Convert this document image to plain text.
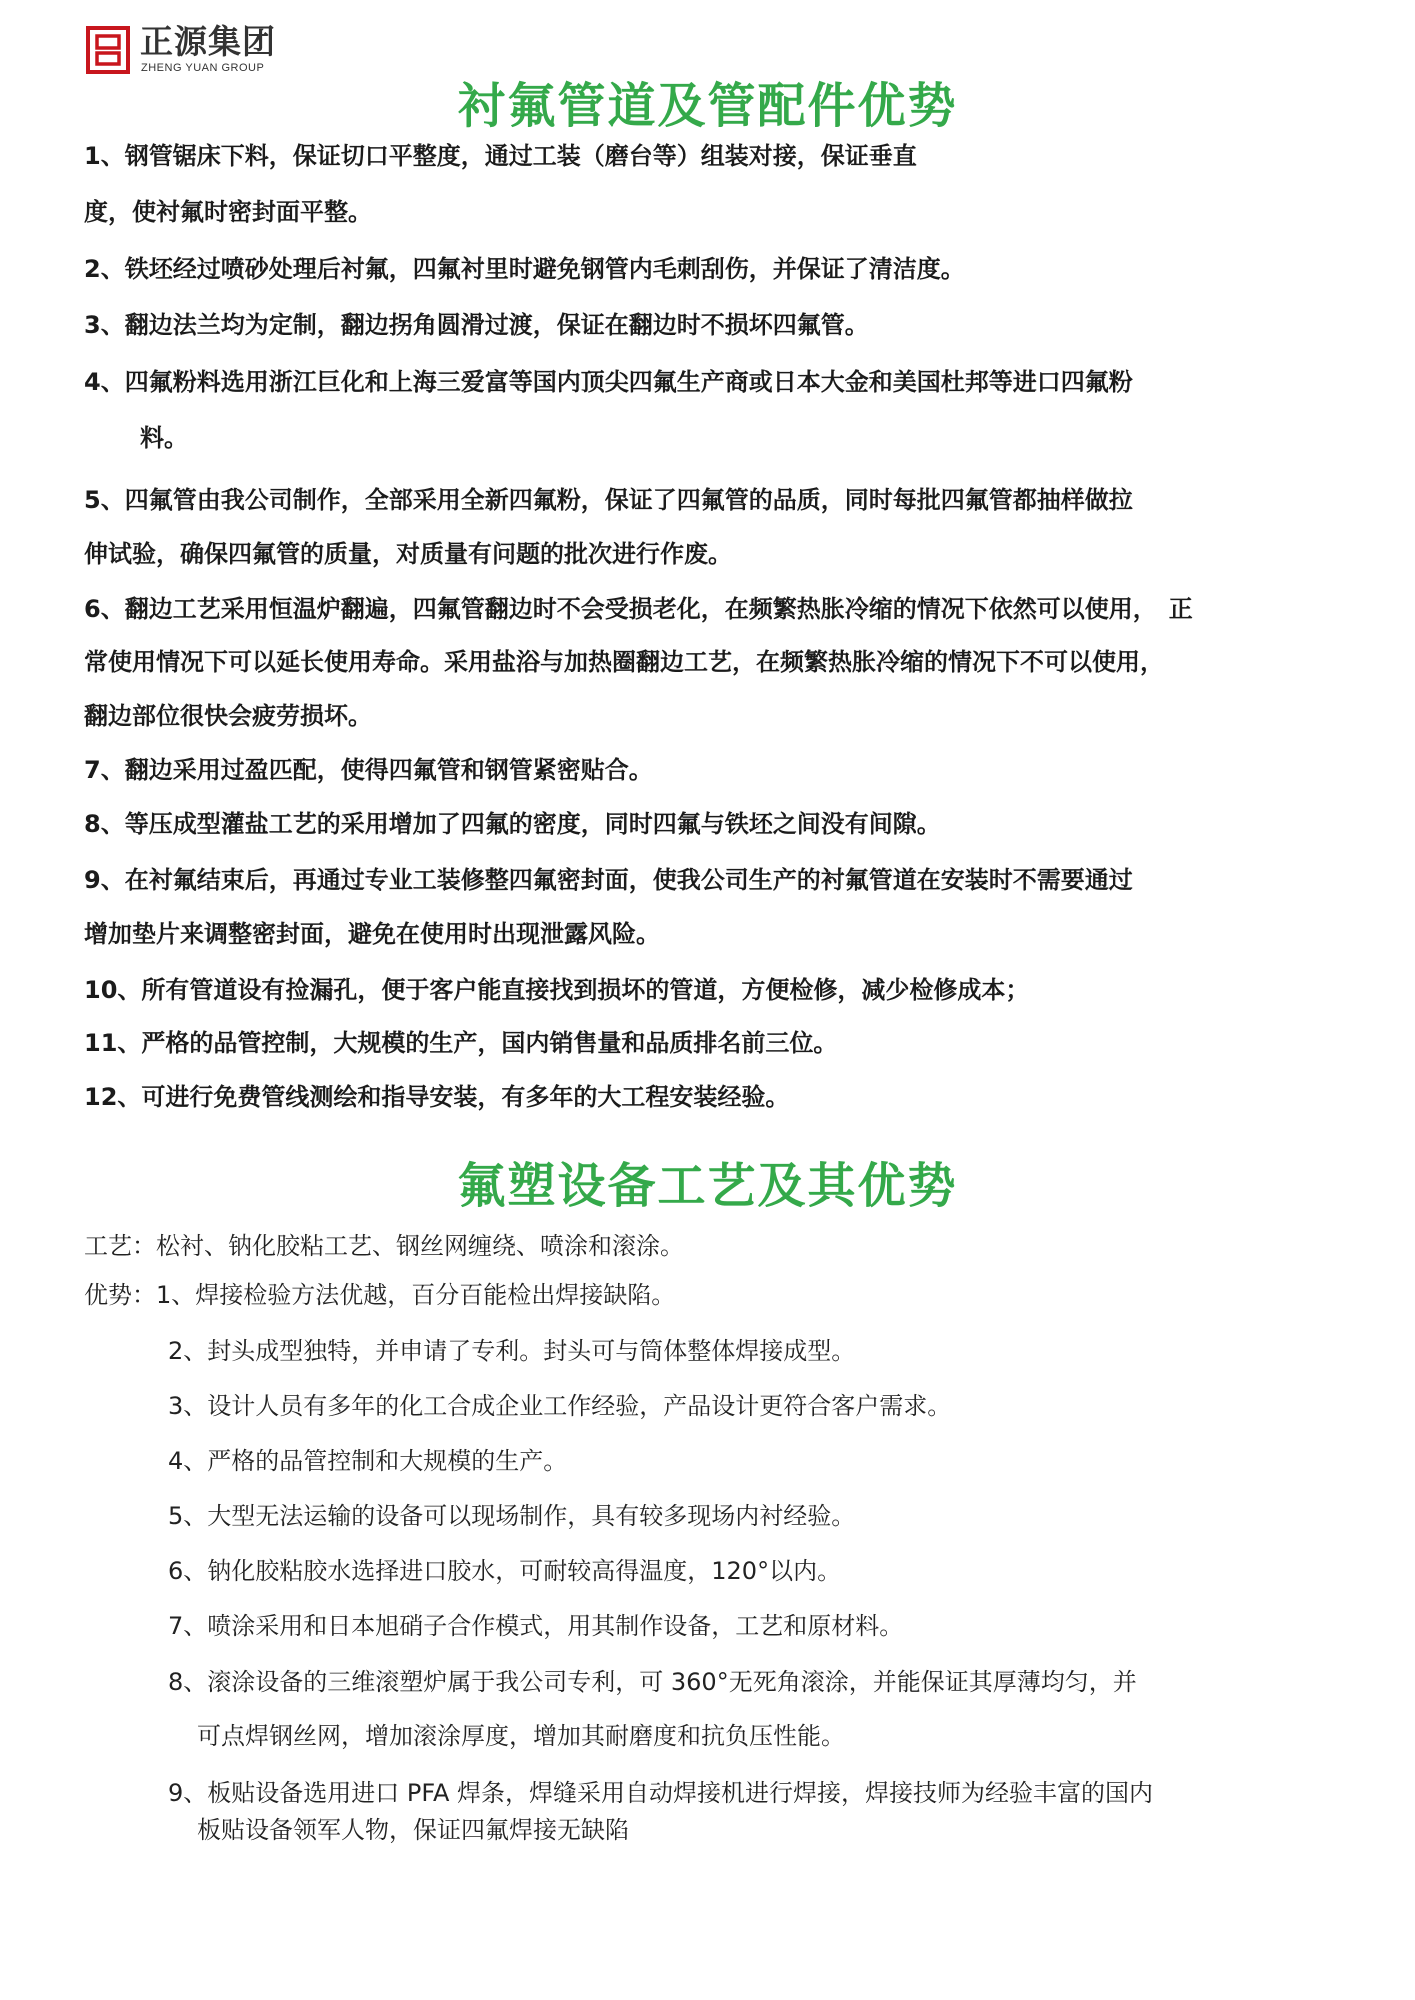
正源集团
ZHENG YUAN GROUP
衬氟管道及管配件优势

1、钢管锯床下料，保证切口平整度，通过工装（磨台等）组装对接，保证垂直

度，使衬氟时密封面平整。

2、铁坯经过喷砂处理后衬氟，四氟衬里时避免钢管内毛刺刮伤，并保证了清洁度。

3、翻边法兰均为定制，翻边拐角圆滑过渡，保证在翻边时不损坏四氟管。

4、四氟粉料选用浙江巨化和上海三爱富等国内顶尖四氟生产商或日本大金和美国杜邦等进口四氟粉

料。

5、四氟管由我公司制作，全部采用全新四氟粉，保证了四氟管的品质，同时每批四氟管都抽样做拉

伸试验，确保四氟管的质量，对质量有问题的批次进行作废。

6、翻边工艺采用恒温炉翻遍，四氟管翻边时不会受损老化，在频繁热胀冷缩的情况下依然可以使用，　正

常使用情况下可以延长使用寿命。采用盐浴与加热圈翻边工艺，在频繁热胀冷缩的情况下不可以使用，

翻边部位很快会疲劳损坏。

7、翻边采用过盈匹配，使得四氟管和钢管紧密贴合。

8、等压成型灌盐工艺的采用增加了四氟的密度，同时四氟与铁坯之间没有间隙。

9、在衬氟结束后，再通过专业工装修整四氟密封面，使我公司生产的衬氟管道在安装时不需要通过

增加垫片来调整密封面，避免在使用时出现泄露风险。

10、所有管道设有捡漏孔，便于客户能直接找到损坏的管道，方便检修，减少检修成本；

11、严格的品管控制，大规模的生产，国内销售量和品质排名前三位。

12、可进行免费管线测绘和指导安装，有多年的大工程安装经验。

氟塑设备工艺及其优势

工艺：松衬、钠化胶粘工艺、钢丝网缠绕、喷涂和滚涂。

优势：1、焊接检验方法优越，百分百能检出焊接缺陷。

2、封头成型独特，并申请了专利。封头可与筒体整体焊接成型。

3、设计人员有多年的化工合成企业工作经验，产品设计更符合客户需求。

4、严格的品管控制和大规模的生产。

5、大型无法运输的设备可以现场制作，具有较多现场内衬经验。

6、钠化胶粘胶水选择进口胶水，可耐较高得温度，120°以内。

7、喷涂采用和日本旭硝子合作模式，用其制作设备，工艺和原材料。

8、滚涂设备的三维滚塑炉属于我公司专利，可 360°无死角滚涂，并能保证其厚薄均匀，并

可点焊钢丝网，增加滚涂厚度，增加其耐磨度和抗负压性能。

9、板贴设备选用进口 PFA 焊条，焊缝采用自动焊接机进行焊接，焊接技师为经验丰富的国内

板贴设备领军人物，保证四氟焊接无缺陷
